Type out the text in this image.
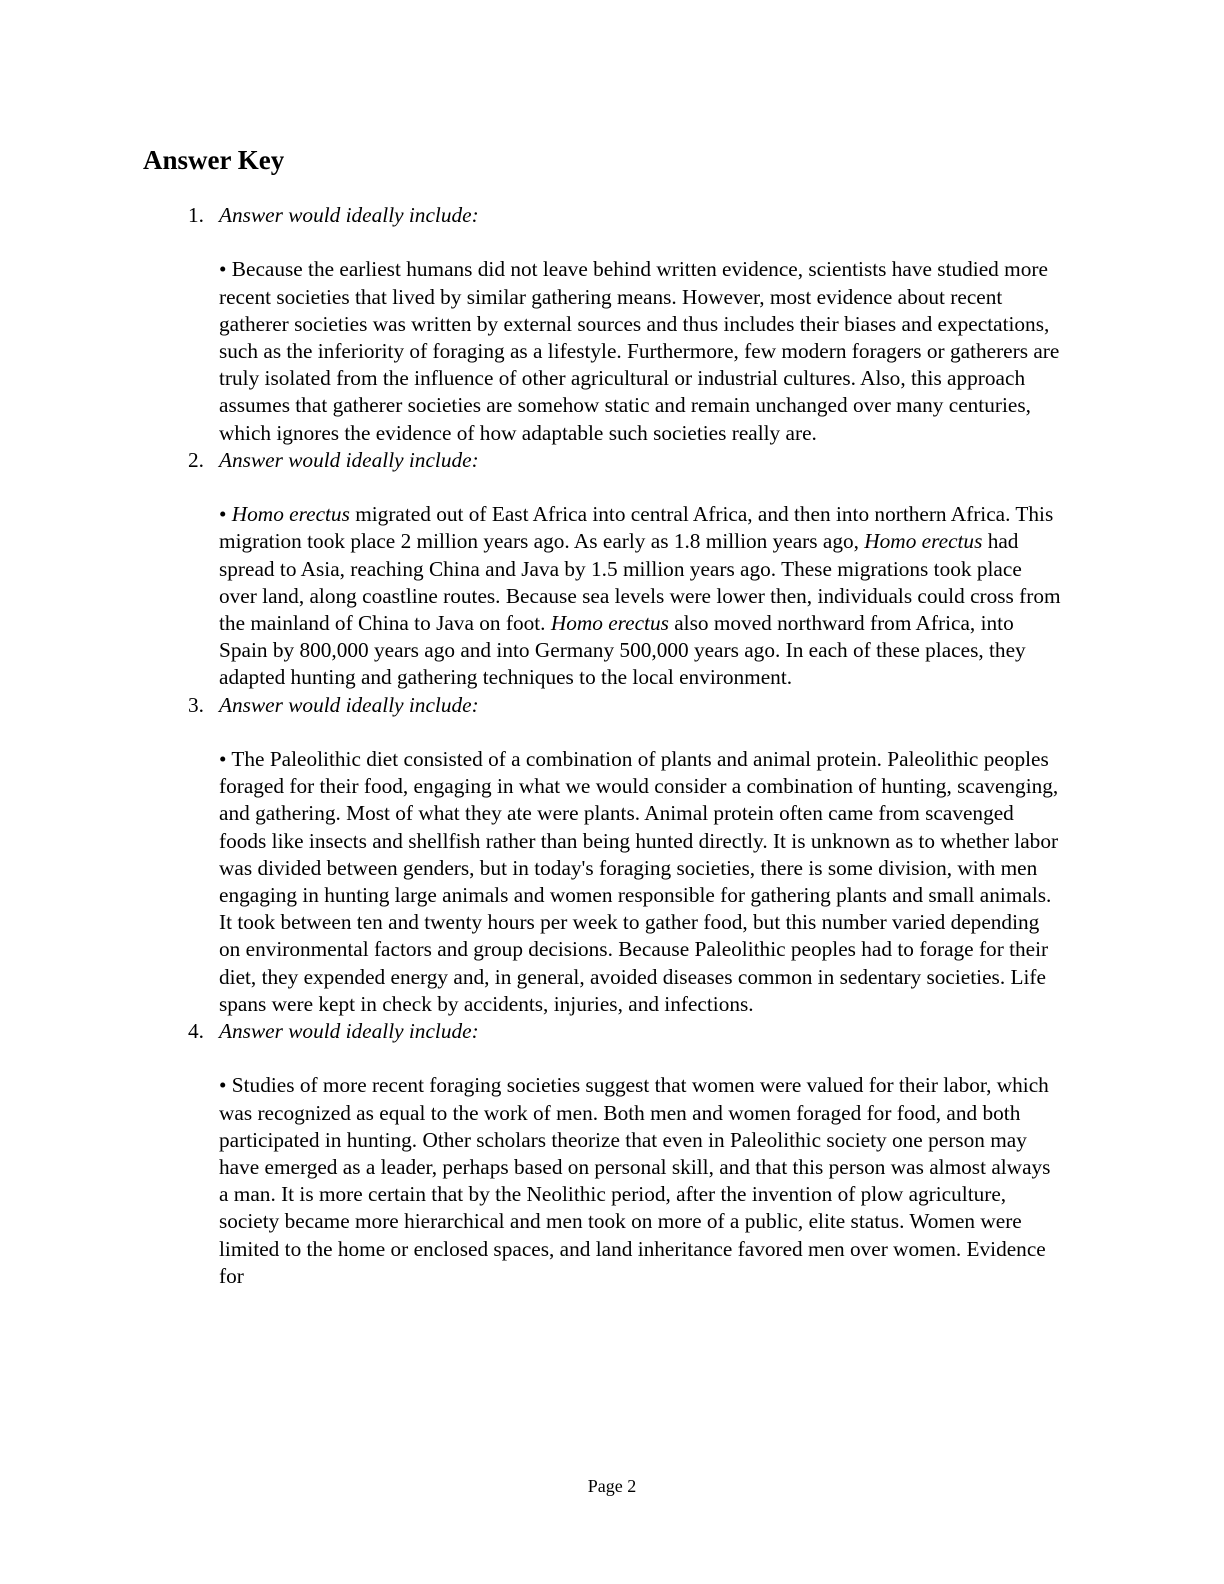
Answer Key
1. Answer would ideally include:
• Because the earliest humans did not leave behind written evidence, scientists have studied more recent societies that lived by similar gathering means. However, most evidence about recent gatherer societies was written by external sources and thus includes their biases and expectations, such as the inferiority of foraging as a lifestyle. Furthermore, few modern foragers or gatherers are truly isolated from the influence of other agricultural or industrial cultures. Also, this approach assumes that gatherer societies are somehow static and remain unchanged over many centuries, which ignores the evidence of how adaptable such societies really are.
2. Answer would ideally include:
• Homo erectus migrated out of East Africa into central Africa, and then into northern Africa. This migration took place 2 million years ago. As early as 1.8 million years ago, Homo erectus had spread to Asia, reaching China and Java by 1.5 million years ago. These migrations took place over land, along coastline routes. Because sea levels were lower then, individuals could cross from the mainland of China to Java on foot. Homo erectus also moved northward from Africa, into Spain by 800,000 years ago and into Germany 500,000 years ago. In each of these places, they adapted hunting and gathering techniques to the local environment.
3. Answer would ideally include:
• The Paleolithic diet consisted of a combination of plants and animal protein. Paleolithic peoples foraged for their food, engaging in what we would consider a combination of hunting, scavenging, and gathering. Most of what they ate were plants. Animal protein often came from scavenged foods like insects and shellfish rather than being hunted directly. It is unknown as to whether labor was divided between genders, but in today's foraging societies, there is some division, with men engaging in hunting large animals and women responsible for gathering plants and small animals. It took between ten and twenty hours per week to gather food, but this number varied depending on environmental factors and group decisions. Because Paleolithic peoples had to forage for their diet, they expended energy and, in general, avoided diseases common in sedentary societies. Life spans were kept in check by accidents, injuries, and infections.
4. Answer would ideally include:
• Studies of more recent foraging societies suggest that women were valued for their labor, which was recognized as equal to the work of men. Both men and women foraged for food, and both participated in hunting. Other scholars theorize that even in Paleolithic society one person may have emerged as a leader, perhaps based on personal skill, and that this person was almost always a man. It is more certain that by the Neolithic period, after the invention of plow agriculture, society became more hierarchical and men took on more of a public, elite status. Women were limited to the home or enclosed spaces, and land inheritance favored men over women. Evidence for
Page 2
